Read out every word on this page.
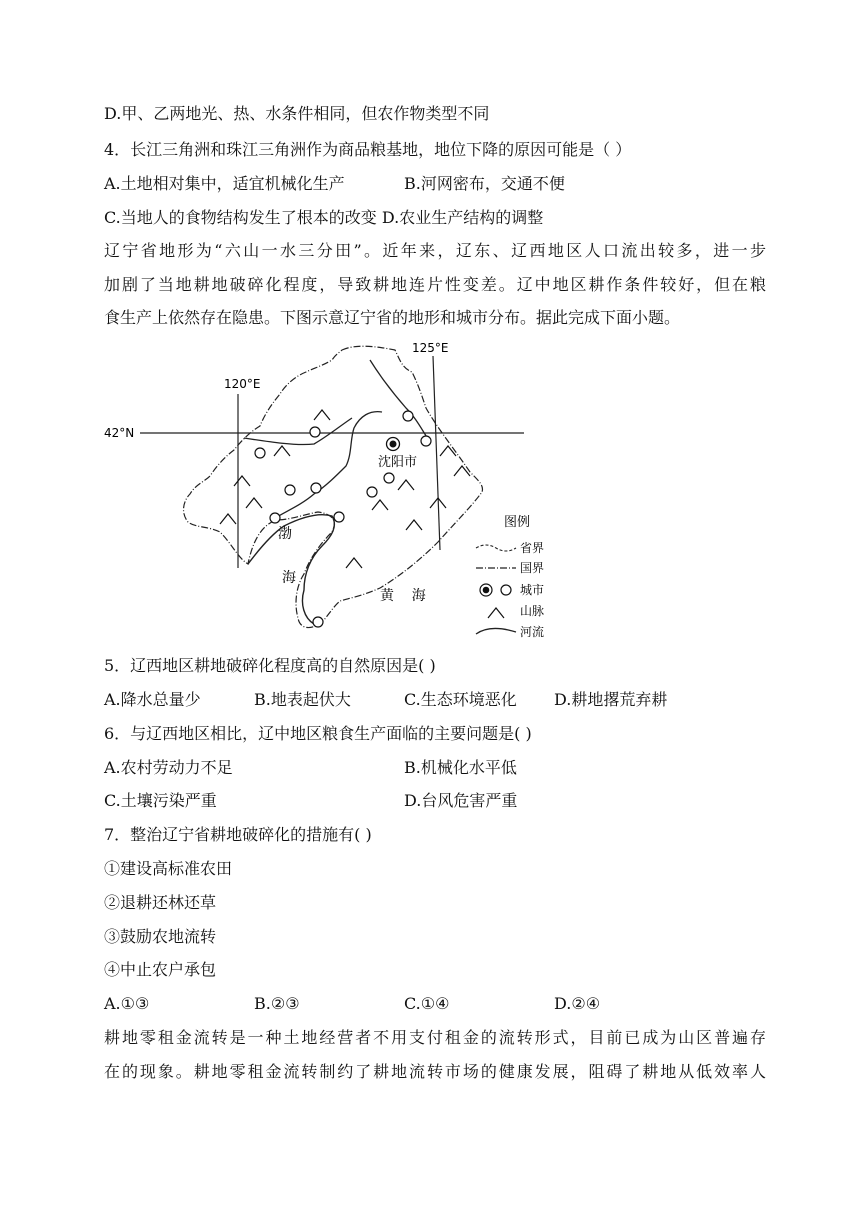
D.甲、乙两地光、热、水条件相同，但农作物类型不同
4．长江三角洲和珠江三角洲作为商品粮基地，地位下降的原因可能是（ ）
A.土地相对集中，适宜机械化生产	B.河网密布，交通不便
C.当地人的食物结构发生了根本的改变 D.农业生产结构的调整
辽宁省地形为“六山一水三分田”。近年来，辽东、辽西地区人口流出较多，进一步
加剧了当地耕地破碎化程度，导致耕地连片性变差。辽中地区耕作条件较好，但在粮
食生产上依然存在隐患。下图示意辽宁省的地形和城市分布。据此完成下面小题。
120°E
125°E
42°N
沈阳市
渤
海
黄    海
图例
省界
国界
城市
山脉
河流
5．辽西地区耕地破碎化程度高的自然原因是( )
A.降水总量少	B.地表起伏大	C.生态环境恶化 D.耕地撂荒弃耕
6．与辽西地区相比，辽中地区粮食生产面临的主要问题是( )
A.农村劳动力不足	B.机械化水平低
C.土壤污染严重	D.台风危害严重
7．整治辽宁省耕地破碎化的措施有( )
①建设高标准农田
②退耕还林还草
③鼓励农地流转
④中止农户承包
A.①③	B.②③	C.①④	D.②④
耕地零租金流转是一种土地经营者不用支付租金的流转形式，目前已成为山区普遍存
在的现象。耕地零租金流转制约了耕地流转市场的健康发展，阻碍了耕地从低效率人
